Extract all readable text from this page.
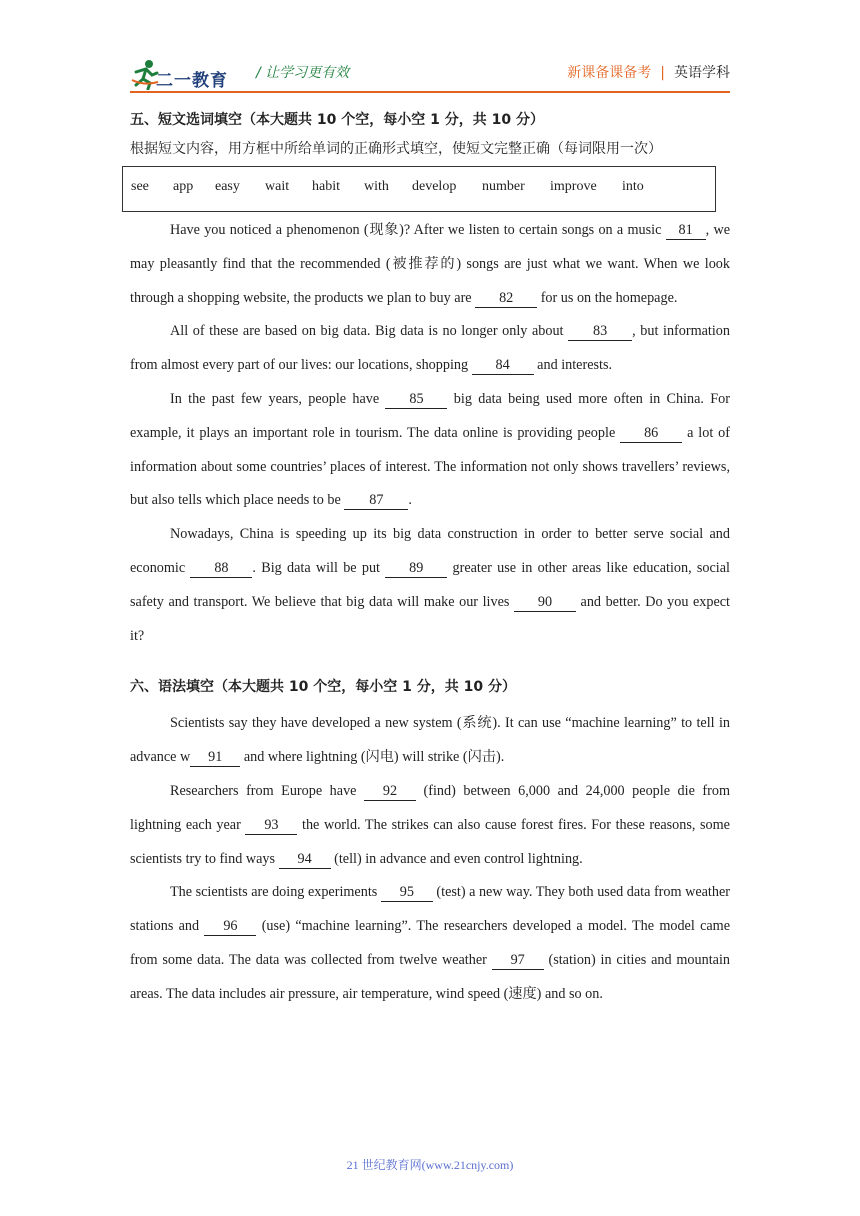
二一教育 / 让学习更有效	新课备课备考 | 英语学科
五、短文选词填空（本大题共 10 个空，每小空 1 分，共 10 分）
根据短文内容，用方框中所给单词的正确形式填空，使短文完整正确（每词限用一次）
see app easy wait habit with develop number improve into

Have you noticed a phenomenon (现象)? After we listen to certain songs on a music 81 , we may pleasantly find that the recommended (被推荐的) songs are just what we want. When we look through a shopping website, the products we plan to buy are 82 for us on the homepage.

All of these are based on big data. Big data is no longer only about 83 , but information from almost every part of our lives: our locations, shopping 84 and interests.

In the past few years, people have 85 big data being used more often in China. For example, it plays an important role in tourism. The data online is providing people 86 a lot of information about some countries’ places of interest. The information not only shows travellers’ reviews, but also tells which place needs to be 87 .

Nowadays, China is speeding up its big data construction in order to better serve social and economic 88 . Big data will be put 89 greater use in other areas like education, social safety and transport. We believe that big data will make our lives 90 and better. Do you expect it?

六、语法填空（本大题共 10 个空，每小空 1 分，共 10 分）

Scientists say they have developed a new system (系统). It can use “machine learning” to tell in advance w 91 and where lightning (闪电) will strike (闪击).

Researchers from Europe have 92 (find) between 6,000 and 24,000 people die from lightning each year 93 the world. The strikes can also cause forest fires. For these reasons, some scientists try to find ways 94 (tell) in advance and even control lightning.

The scientists are doing experiments 95 (test) a new way. They both used data from weather stations and 96 (use) “machine learning”. The researchers developed a model. The model came from some data. The data was collected from twelve weather 97 (station) in cities and mountain areas. The data includes air pressure, air temperature, wind speed (速度) and so on.

21 世纪教育网(www.21cnjy.com)
